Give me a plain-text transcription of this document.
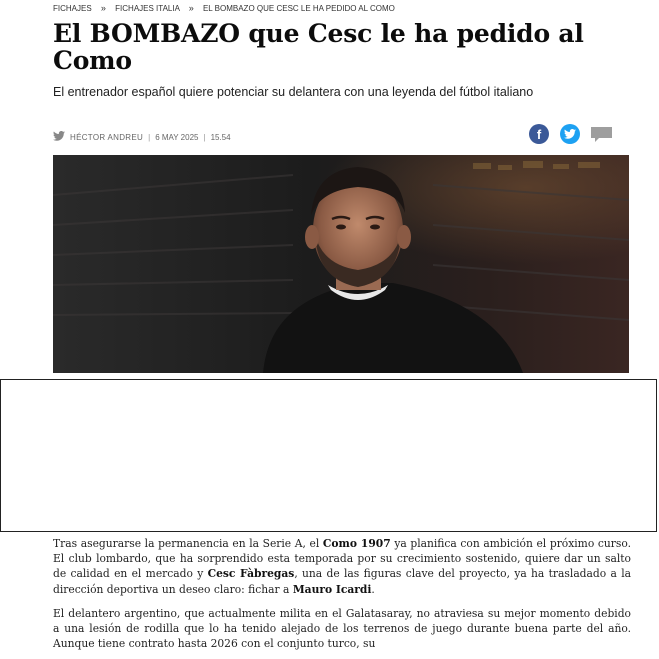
FICHAJES » FICHAJES ITALIA » EL BOMBAZO QUE CESC LE HA PEDIDO AL COMO
El BOMBAZO que Cesc le ha pedido al Como
El entrenador español quiere potenciar su delantera con una leyenda del fútbol italiano
HÉCTOR ANDREU | 6 MAY 2025 | 15.54	f

Tras asegurarse la permanencia en la Serie A, el Como 1907 ya planifica con ambición el próximo curso. El club lombardo, que ha sorprendido esta temporada por su crecimiento sostenido, quiere dar un salto de calidad en el mercado y Cesc Fàbregas, una de las figuras clave del proyecto, ya ha trasladado a la dirección deportiva un deseo claro: fichar a Mauro Icardi.

El delantero argentino, que actualmente milita en el Galatasaray, no atraviesa su mejor momento debido a una lesión de rodilla que lo ha tenido alejado de los terrenos de juego durante buena parte del año. Aunque tiene contrato hasta 2026 con el conjunto turco, su
